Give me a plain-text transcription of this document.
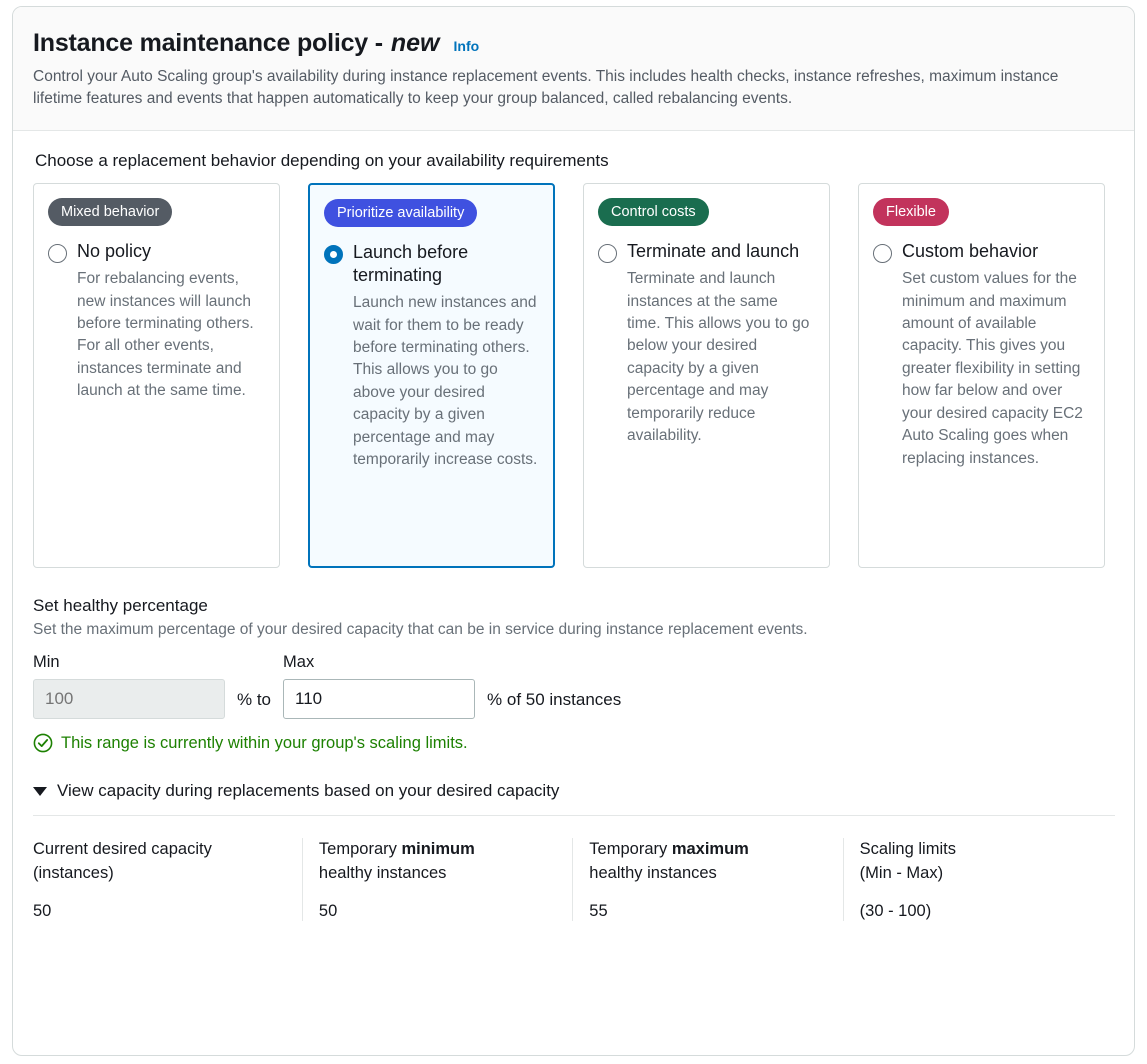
Instance maintenance policy - new Info
Control your Auto Scaling group's availability during instance replacement events. This includes health checks, instance refreshes, maximum instance lifetime features and events that happen automatically to keep your group balanced, called rebalancing events.
Choose a replacement behavior depending on your availability requirements
Mixed behavior
No policy
For rebalancing events, new instances will launch before terminating others. For all other events, instances terminate and launch at the same time.
Prioritize availability
Launch before terminating
Launch new instances and wait for them to be ready before terminating others. This allows you to go above your desired capacity by a given percentage and may temporarily increase costs.
Control costs
Terminate and launch
Terminate and launch instances at the same time. This allows you to go below your desired capacity by a given percentage and may temporarily reduce availability.
Flexible
Custom behavior
Set custom values for the minimum and maximum amount of available capacity. This gives you greater flexibility in setting how far below and over your desired capacity EC2 Auto Scaling goes when replacing instances.
Set healthy percentage
Set the maximum percentage of your desired capacity that can be in service during instance replacement events.
Min
100
% to
Max
110
% of 50 instances
This range is currently within your group's scaling limits.
View capacity during replacements based on your desired capacity
Current desired capacity
(instances)
50
Temporary minimum
healthy instances
50
Temporary maximum
healthy instances
55
Scaling limits
(Min - Max)
(30 - 100)
